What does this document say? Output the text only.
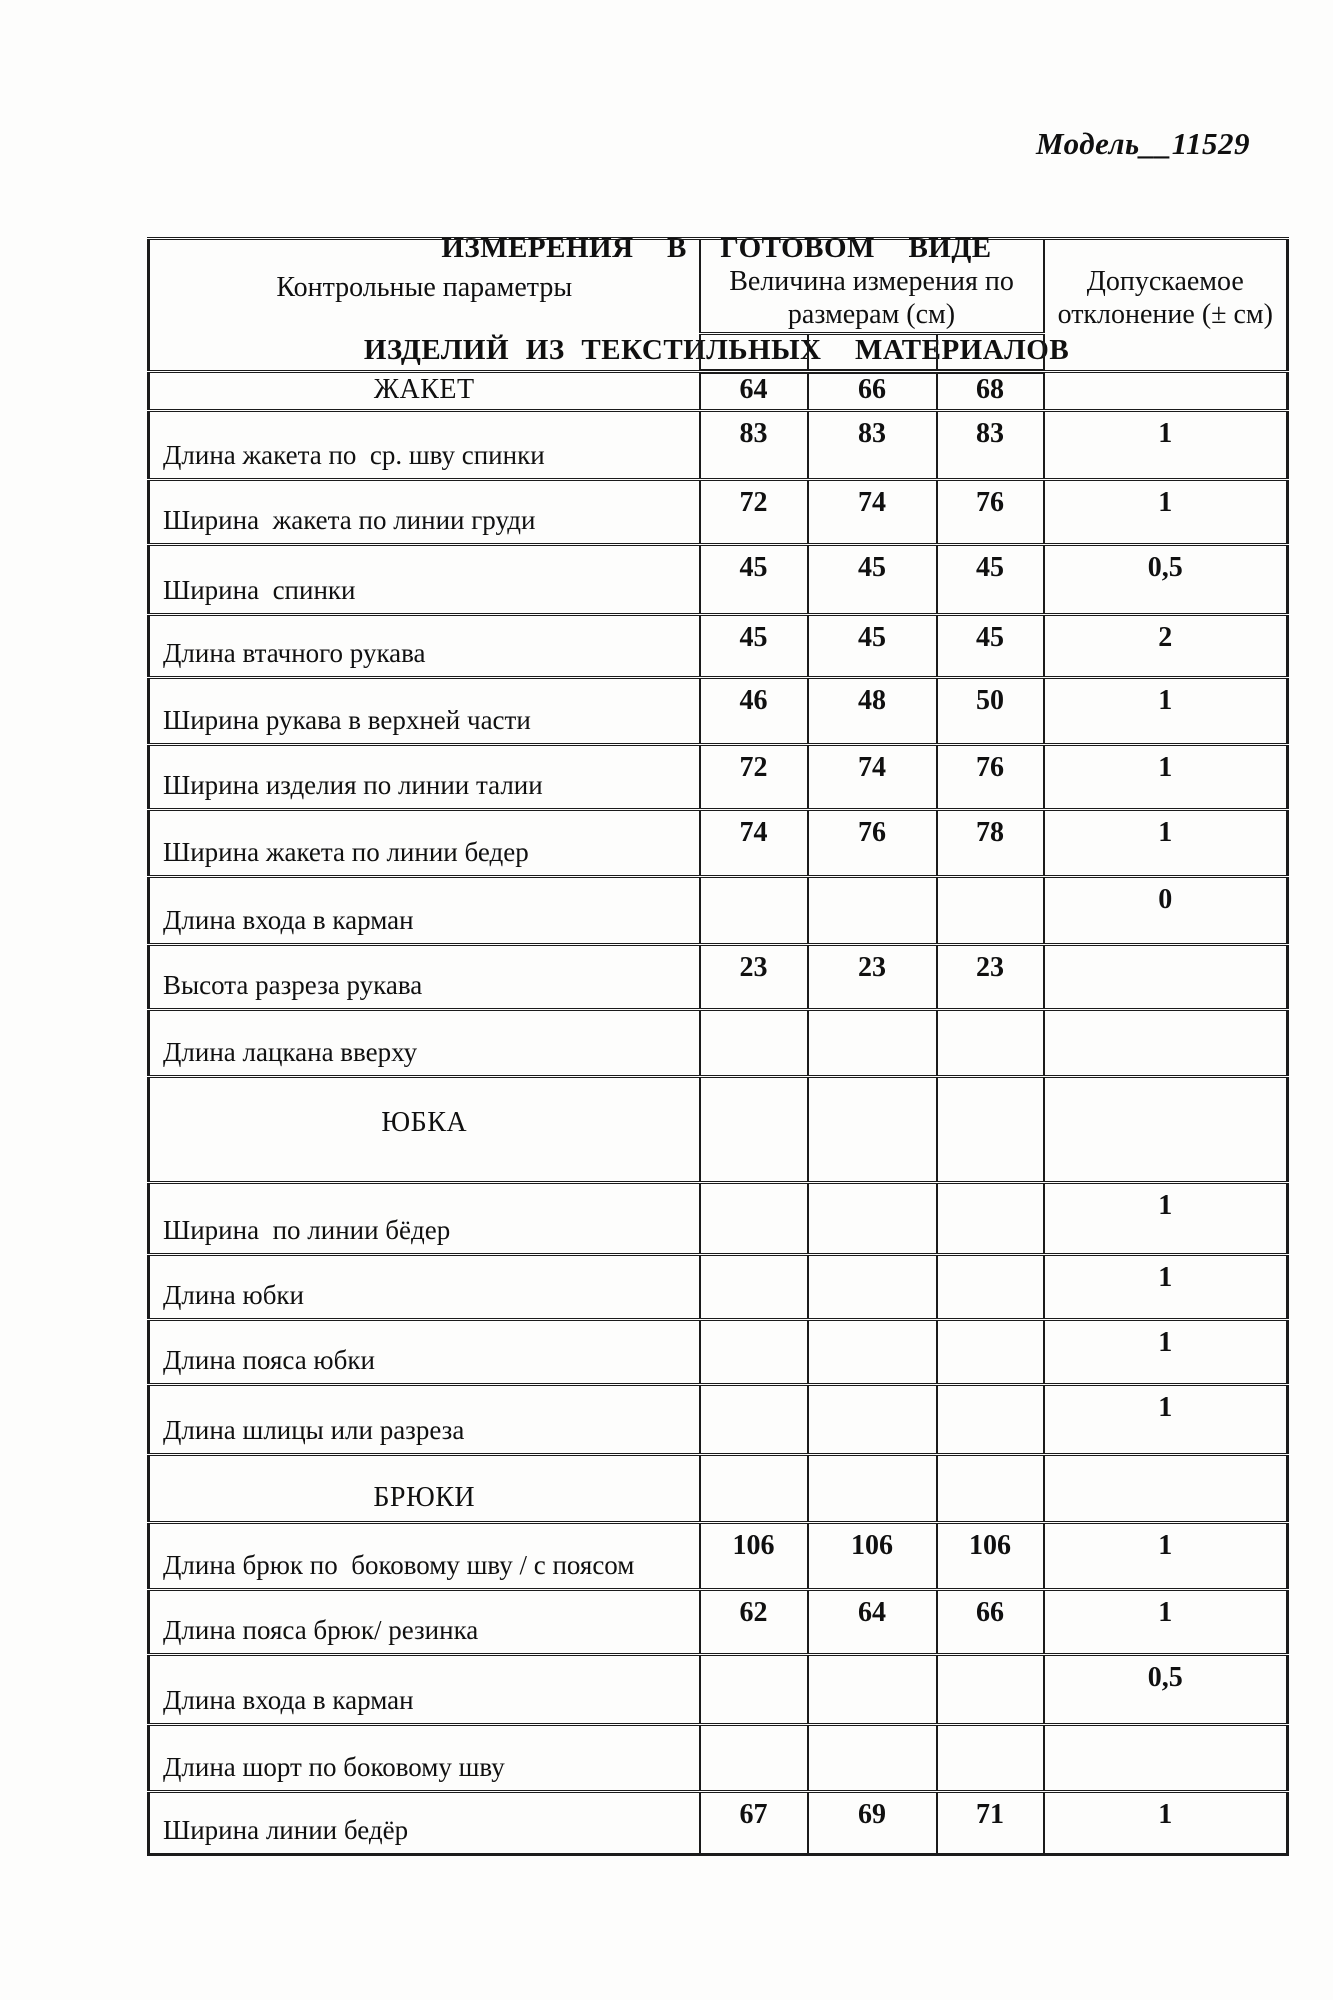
Модель__11529

ИЗМЕРЕНИЯ  В  ГОТОВОМ  ВИДЕ

ИЗДЕЛИЙ ИЗ ТЕКСТИЛЬНЫХ  МАТЕРИАЛОВ

Контрольные параметры	Величина измерения по размерам (см)			Допускаемое отклонение (± см)

ЖАКЕТ	64	66	68	
Длина жакета по  ср. шву спинки	83	83	83	1
Ширина  жакета по линии груди	72	74	76	1
Ширина  спинки	45	45	45	0,5
Длина втачного рукава	45	45	45	2
Ширина рукава в верхней части	46	48	50	1
Ширина изделия по линии талии	72	74	76	1
Ширина жакета по линии бедер	74	76	78	1
Длина входа в карман				0
Высота разреза рукава	23	23	23	
Длина лацкана вверху				
ЮБКА				
Ширина  по линии бёдер				1
Длина юбки				1
Длина пояса юбки				1
Длина шлицы или разреза				1
БРЮКИ				
Длина брюк по  боковому шву / с поясом	106	106	106	1
Длина пояса брюк/ резинка	62	64	66	1
Длина входа в карман				0,5
Длина шорт по боковому шву				
Ширина линии бедёр	67	69	71	1
